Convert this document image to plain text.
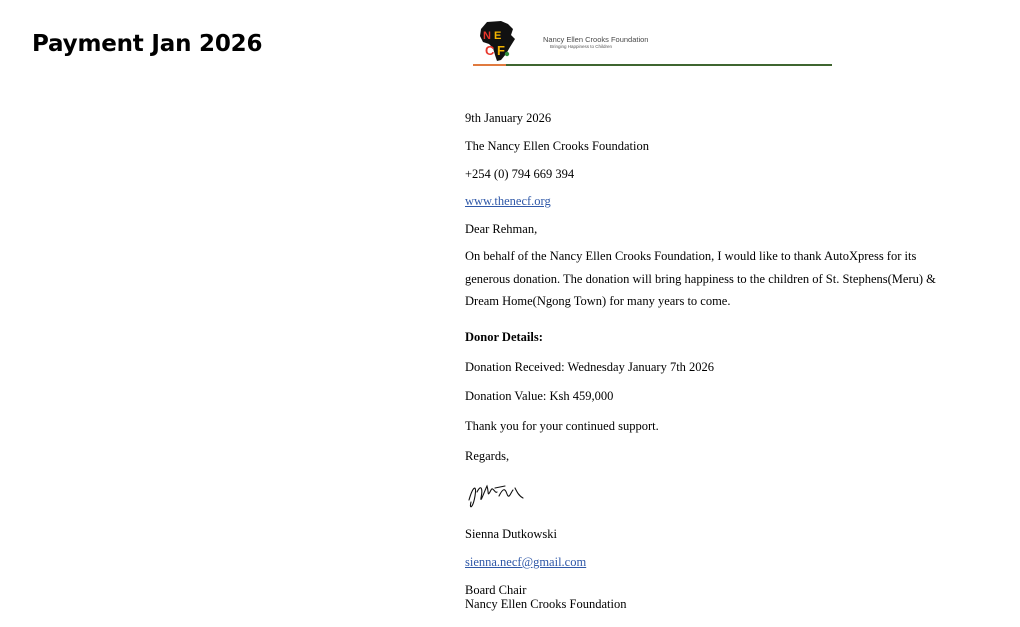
Payment Jan 2026	N E
C F
Nancy Ellen Crooks Foundation
Bringing Happiness to Children
9th January 2026
The Nancy Ellen Crooks Foundation
+254 (0) 794 669 394
www.thenecf.org
Dear Rehman,
On behalf of the Nancy Ellen Crooks Foundation, I would like to thank AutoXpress for its generous donation. The donation will bring happiness to the children of St. Stephens(Meru) & Dream Home(Ngong Town) for many years to come.
Donor Details:
Donation Received: Wednesday January 7th 2026
Donation Value: Ksh 459,000
Thank you for your continued support.
Regards,
Sienna Dutkowski
sienna.necf@gmail.com
Board Chair
Nancy Ellen Crooks Foundation
